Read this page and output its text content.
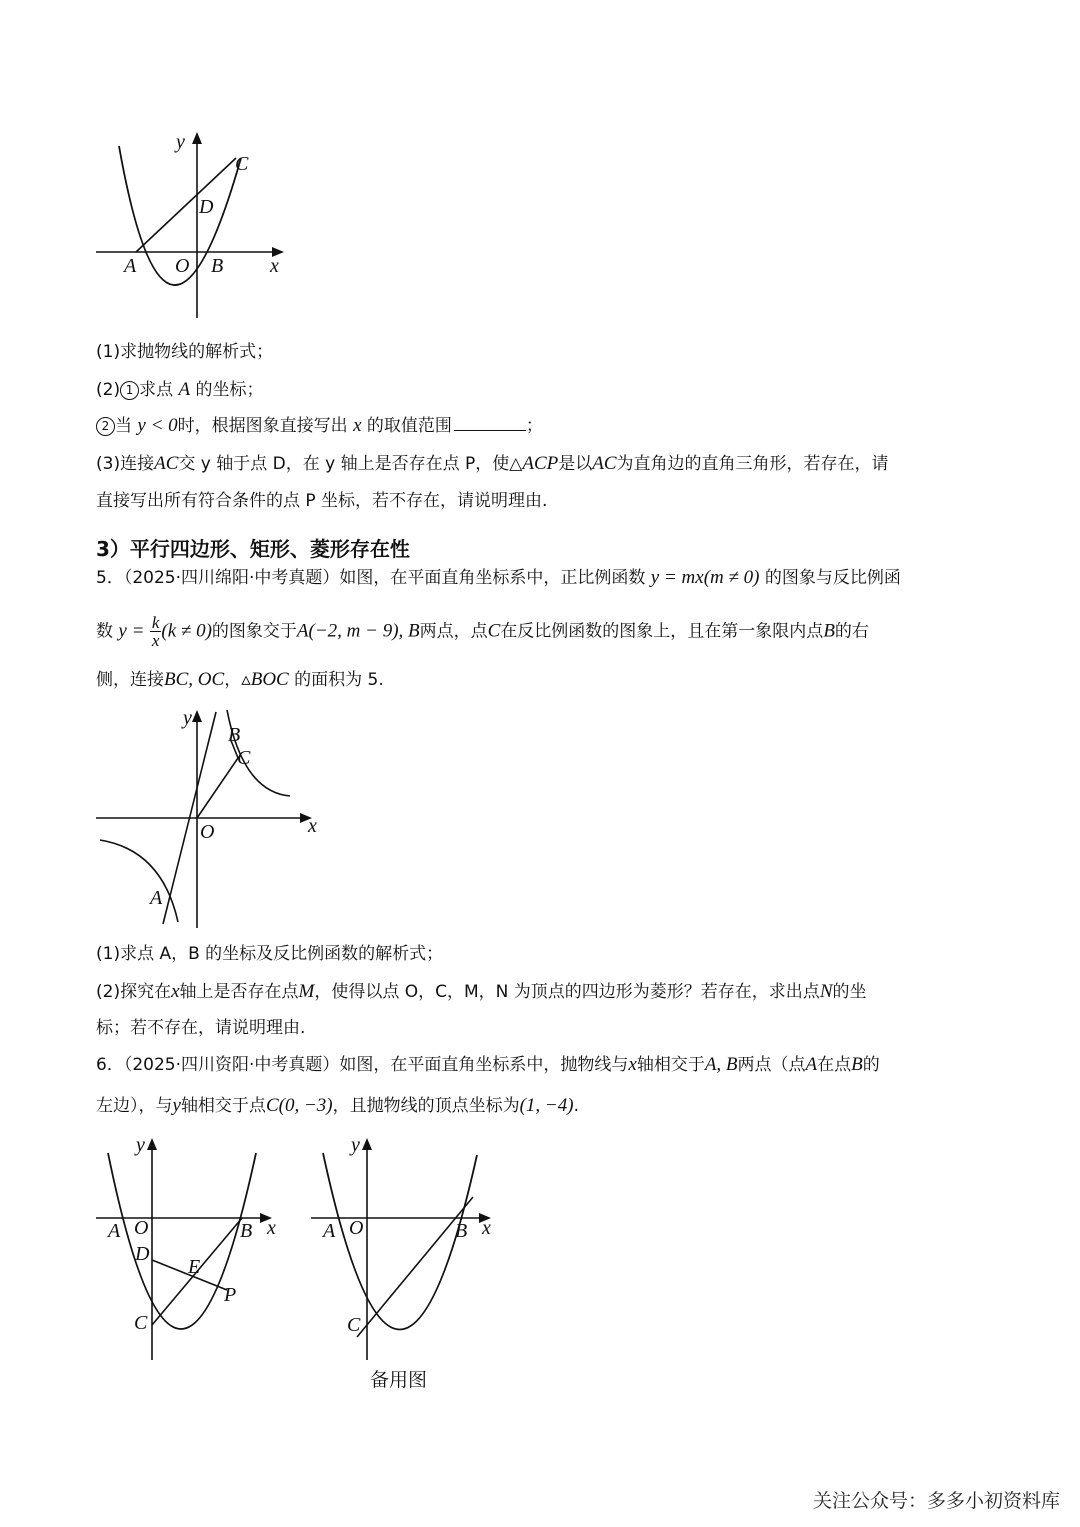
y
C
D
A O B x
(1)求抛物线的解析式；
(2) 1 求点 A 的坐标；
2 当 y < 0时，根据图象直接写出 x 的取值范围	；
(3)连接AC交 y 轴于点 D，在 y 轴上是否存在点 P，使△ACP是以AC为直角边的直角三角形，若存在，请
直接写出所有符合条件的点 P 坐标，若不存在，请说明理由.
3）平行四边形、矩形、菱形存在性
5．（2025·四川绵阳·中考真题）如图，在平面直角坐标系中，正比例函数 y = mx(m ≠ 0) 的图象与反比例函
数 $y = \frac{k}{x} (k \ne 0)$的图象交于A(−2, m − 9), B两点，点C在反比例函数的图象上，且在第一象限内点B的右
侧，连接BC, OC，▵BOC 的面积为 5.
y
B
C
O	x
A
(1)求点 A，B 的坐标及反比例函数的解析式；
(2)探究在x轴上是否存在点M，使得以点 O，C，M，N 为顶点的四边形为菱形？若存在，求出点N的坐
标；若不存在，请说明理由.
6．（2025·四川资阳·中考真题）如图，在平面直角坐标系中，抛物线与x轴相交于A, B两点（点A在点B的
左边），与y轴相交于点C(0, −3)，且抛物线的顶点坐标为(1, −4).
y
A O	B x
D
E
P
C
y
A O	B x
C
备用图
关注公众号：多多小初资料库
